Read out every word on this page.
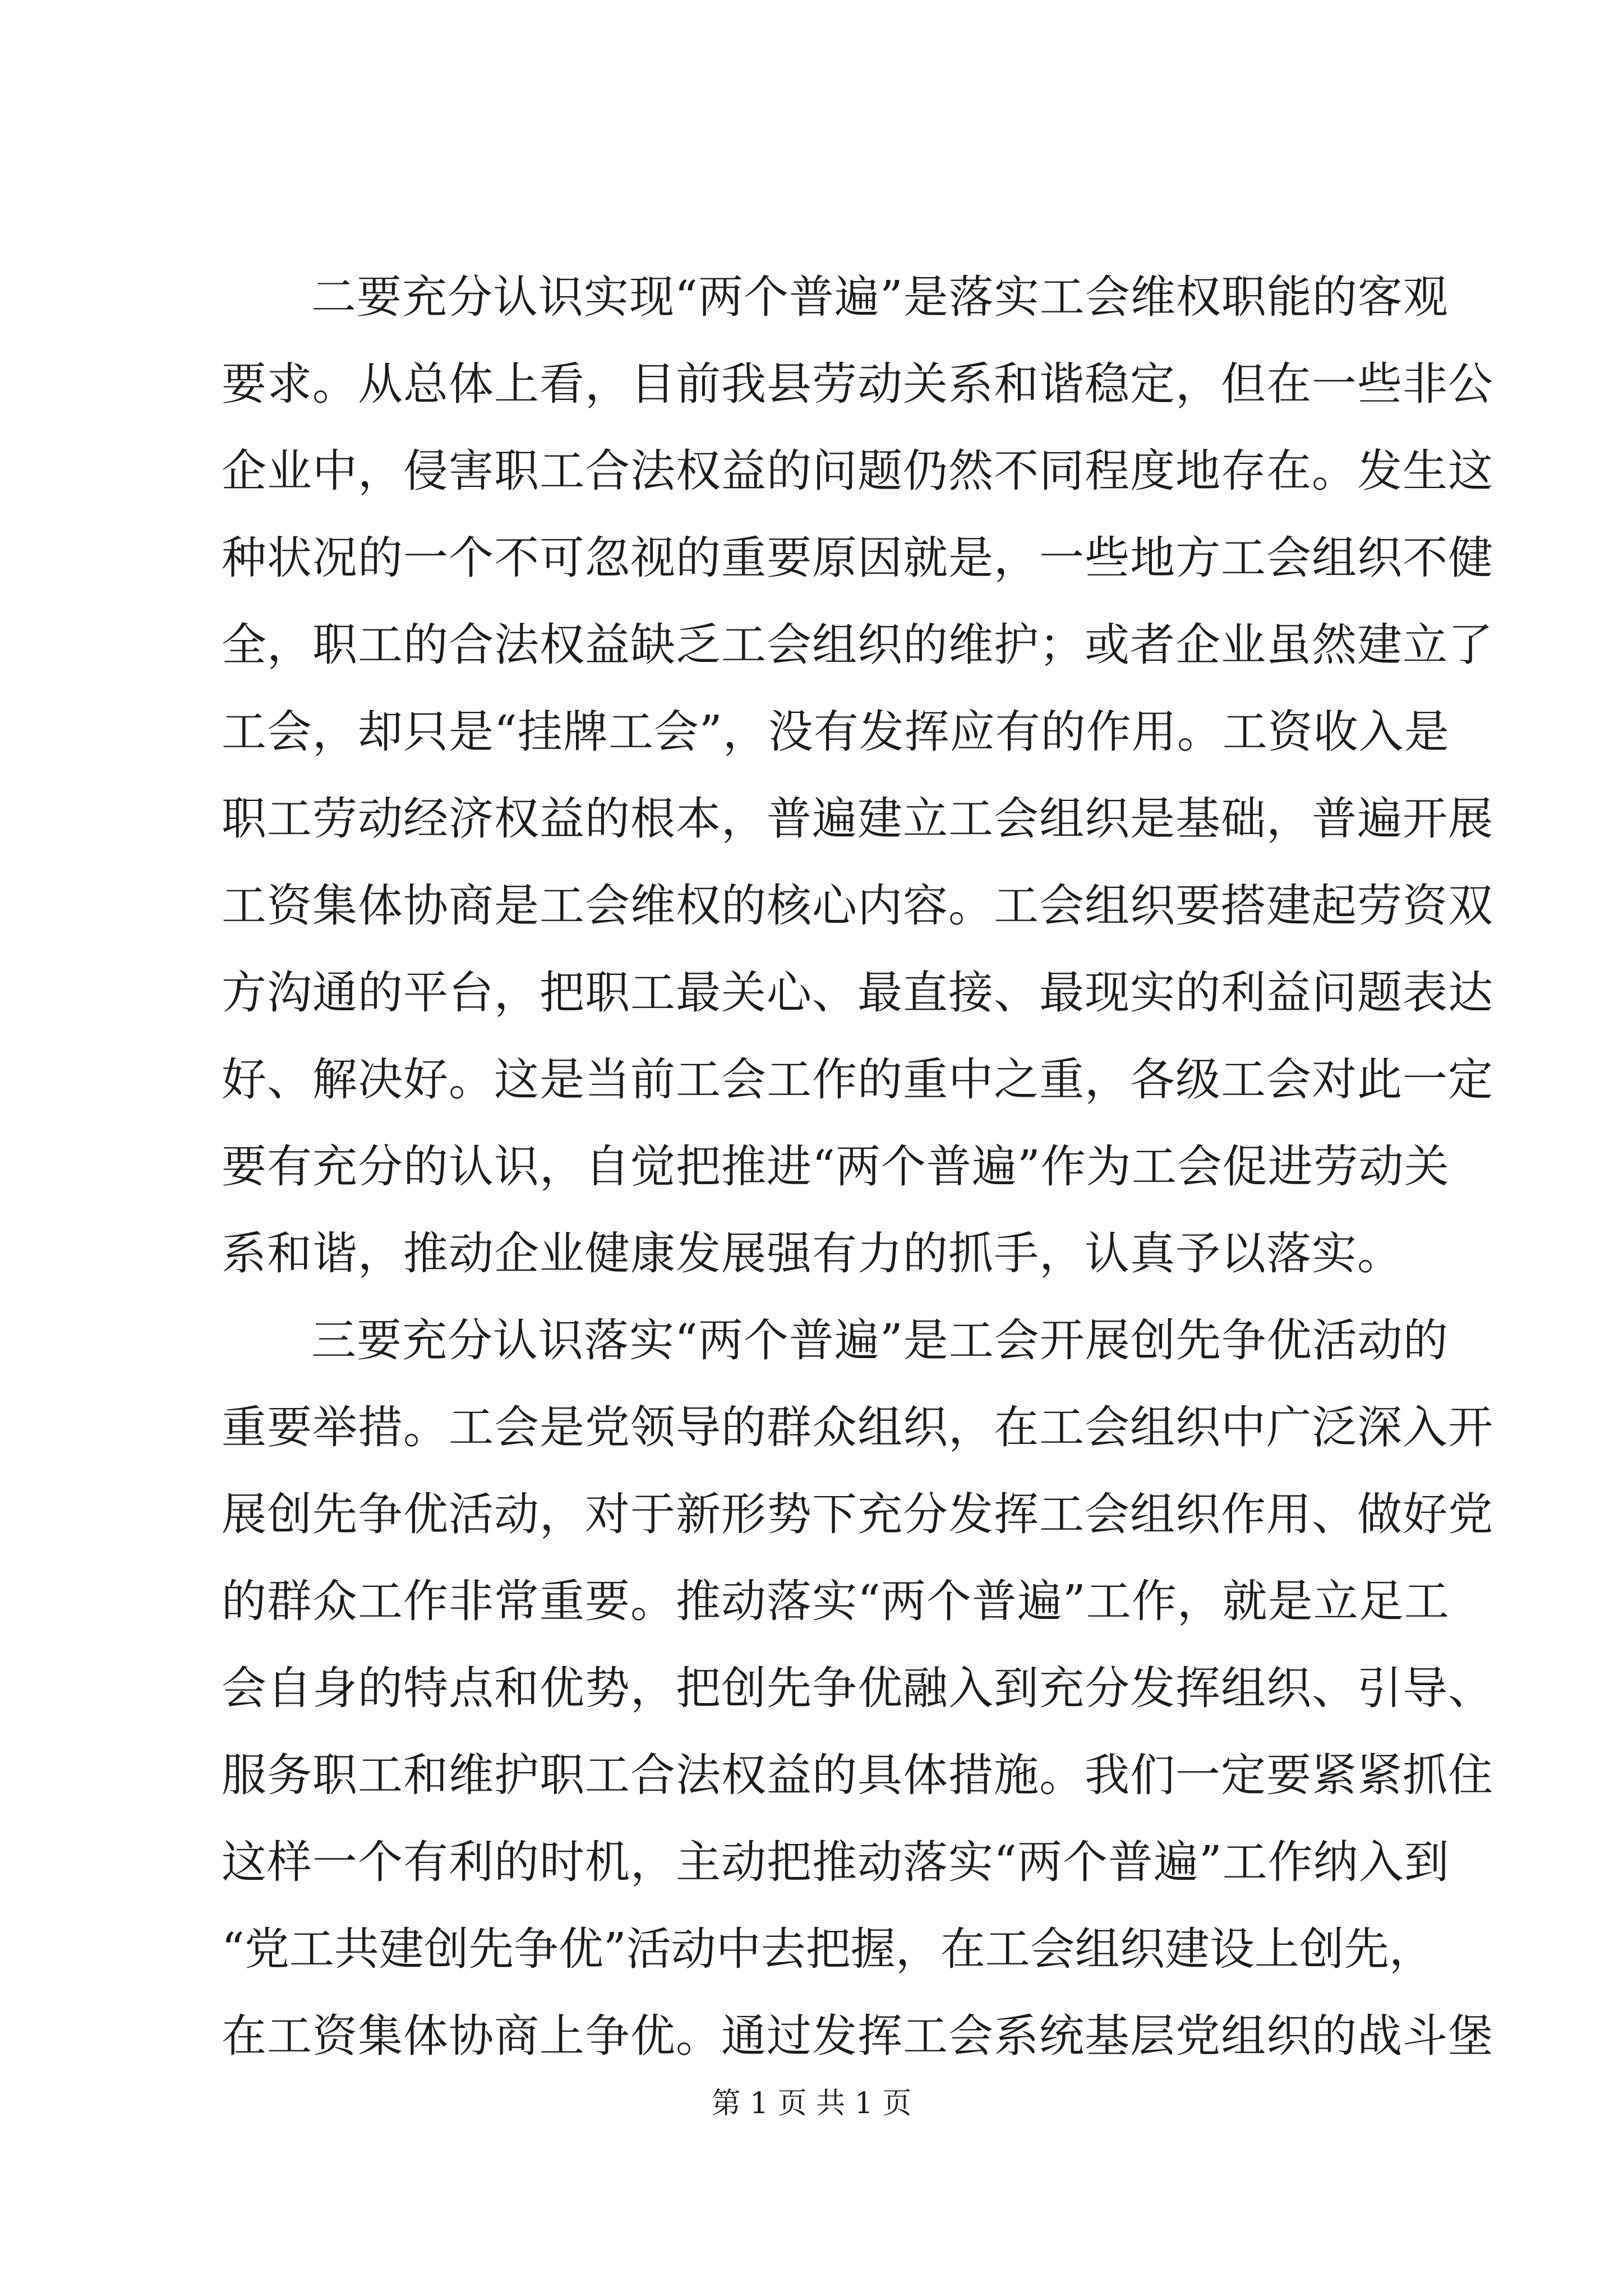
二要充分认识实现“两个普遍”是落实工会维权职能的客观
要求。从总体上看，目前我县劳动关系和谐稳定，但在一些非公
企业中，侵害职工合法权益的问题仍然不同程度地存在。发生这
种状况的一个不可忽视的重要原因就是，一些地方工会组织不健
全，职工的合法权益缺乏工会组织的维护；或者企业虽然建立了
工会，却只是“挂牌工会”，没有发挥应有的作用。工资收入是
职工劳动经济权益的根本，普遍建立工会组织是基础，普遍开展
工资集体协商是工会维权的核心内容。工会组织要搭建起劳资双
方沟通的平台，把职工最关心、最直接、最现实的利益问题表达
好、解决好。这是当前工会工作的重中之重，各级工会对此一定
要有充分的认识，自觉把推进“两个普遍”作为工会促进劳动关
系和谐，推动企业健康发展强有力的抓手，认真予以落实。
三要充分认识落实“两个普遍”是工会开展创先争优活动的
重要举措。工会是党领导的群众组织，在工会组织中广泛深入开
展创先争优活动，对于新形势下充分发挥工会组织作用、做好党
的群众工作非常重要。推动落实“两个普遍”工作，就是立足工
会自身的特点和优势，把创先争优融入到充分发挥组织、引导、
服务职工和维护职工合法权益的具体措施。我们一定要紧紧抓住
这样一个有利的时机，主动把推动落实“两个普遍”工作纳入到
“党工共建创先争优”活动中去把握，在工会组织建设上创先，
在工资集体协商上争优。通过发挥工会系统基层党组织的战斗堡
第 1 页 共 1 页
